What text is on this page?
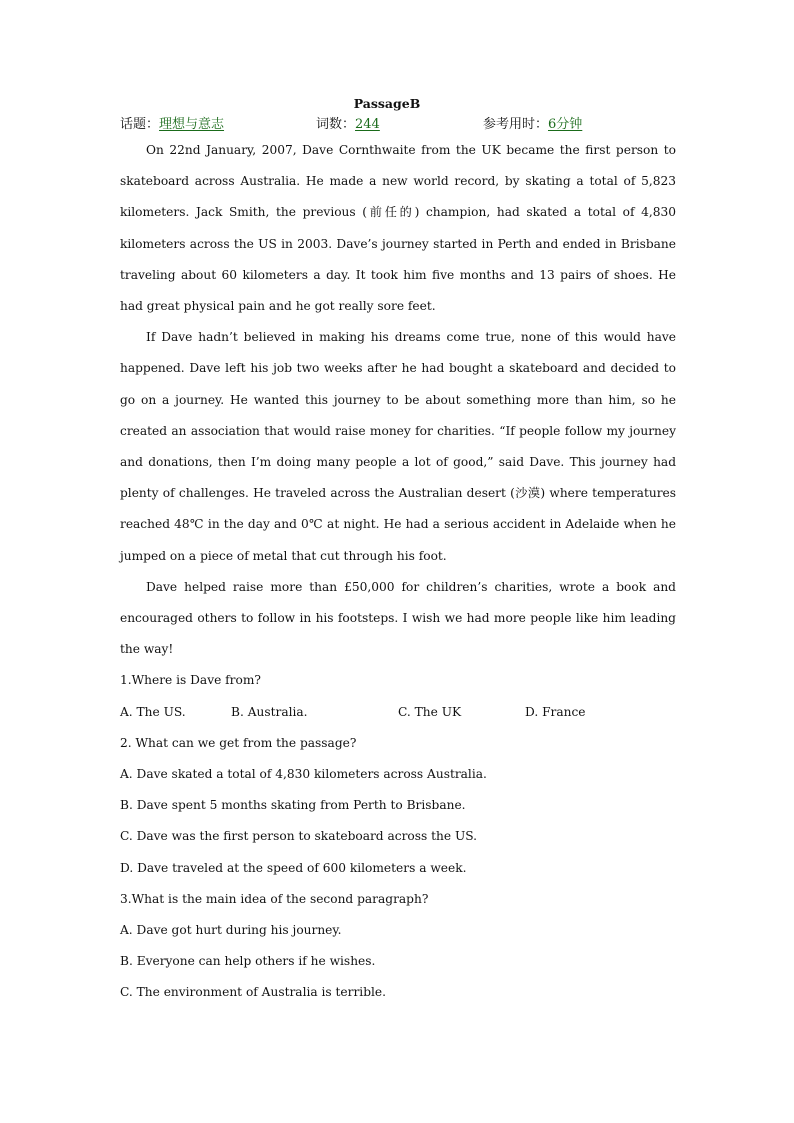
PassageB
话题：理想与意志	词数：244	参考用时：6分钟

On 22nd January, 2007, Dave Cornthwaite from the UK became the first person to skateboard across Australia. He made a new world record, by skating a total of 5,823 kilometers. Jack Smith, the previous (前任的) champion, had skated a total of 4,830 kilometers across the US in 2003. Dave’s journey started in Perth and ended in Brisbane traveling about 60 kilometers a day. It took him five months and 13 pairs of shoes. He had great physical pain and he got really sore feet.

If Dave hadn’t believed in making his dreams come true, none of this would have happened. Dave left his job two weeks after he had bought a skateboard and decided to go on a journey. He wanted this journey to be about something more than him, so he created an association that would raise money for charities. “If people follow my journey and donations, then I’m doing many people a lot of good,” said Dave. This journey had plenty of challenges. He traveled across the Australian desert (沙漠) where temperatures reached 48℃ in the day and 0℃ at night. He had a serious accident in Adelaide when he jumped on a piece of metal that cut through his foot.

Dave helped raise more than £50,000 for children’s charities, wrote a book and encouraged others to follow in his footsteps. I wish we had more people like him leading the way!

1.Where is Dave from?

A. The US.	B. Australia.	C. The UK	D. France

2. What can we get from the passage?

A. Dave skated a total of 4,830 kilometers across Australia.

B. Dave spent 5 months skating from Perth to Brisbane.

C. Dave was the first person to skateboard across the US.

D. Dave traveled at the speed of 600 kilometers a week.

3.What is the main idea of the second paragraph?

A. Dave got hurt during his journey.

B. Everyone can help others if he wishes.

C. The environment of Australia is terrible.
